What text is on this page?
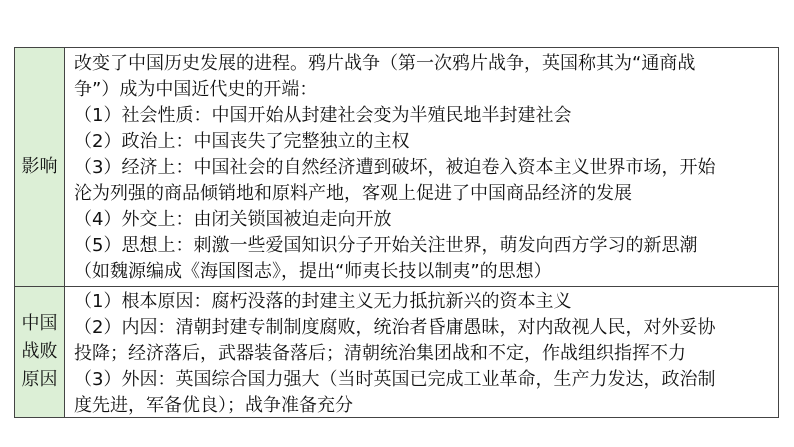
影响
改变了中国历史发展的进程。鸦片战争（第一次鸦片战争，英国称其为“通商战
争”）成为中国近代史的开端：
（1）社会性质：中国开始从封建社会变为半殖民地半封建社会
（2）政治上：中国丧失了完整独立的主权
（3）经济上：中国社会的自然经济遭到破坏，被迫卷入资本主义世界市场，开始
沦为列强的商品倾销地和原料产地，客观上促进了中国商品经济的发展
（4）外交上：由闭关锁国被迫走向开放
（5）思想上：刺激一些爱国知识分子开始关注世界，萌发向西方学习的新思潮
（如魏源编成《海国图志》，提出“师夷长技以制夷”的思想）
中国
战败
原因
（1）根本原因：腐朽没落的封建主义无力抵抗新兴的资本主义
（2）内因：清朝封建专制制度腐败，统治者昏庸愚昧，对内敌视人民，对外妥协
投降；经济落后，武器装备落后；清朝统治集团战和不定，作战组织指挥不力
（3）外因：英国综合国力强大（当时英国已完成工业革命，生产力发达，政治制
度先进，军备优良）；战争准备充分
